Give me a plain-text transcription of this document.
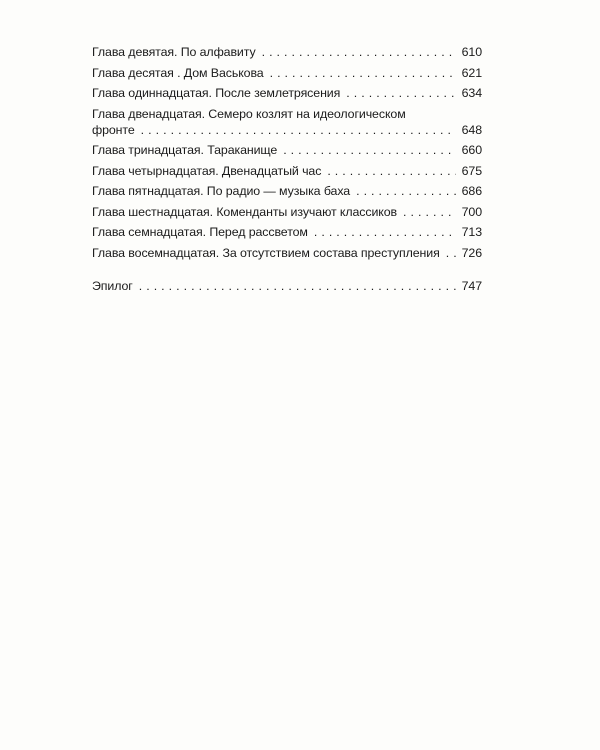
Глава девятая. По алфавиту . . .	610
Глава десятая . Дом Васькова . . .	621
Глава одиннадцатая. После землетрясения . . .	634
Глава двенадцатая. Семеро козлят на идеологическом
фронте . . .	648
Глава тринадцатая. Тараканище . . .	660
Глава четырнадцатая. Двенадцатый час . . .	675
Глава пятнадцатая. По радио — музыка баха . . .	686
Глава шестнадцатая. Коменданты изучают классиков . . .	700
Глава семнадцатая. Перед рассветом . . .	713
Глава восемнадцатая. За отсутствием состава преступления . . . 726
Эпилог . . .	747
